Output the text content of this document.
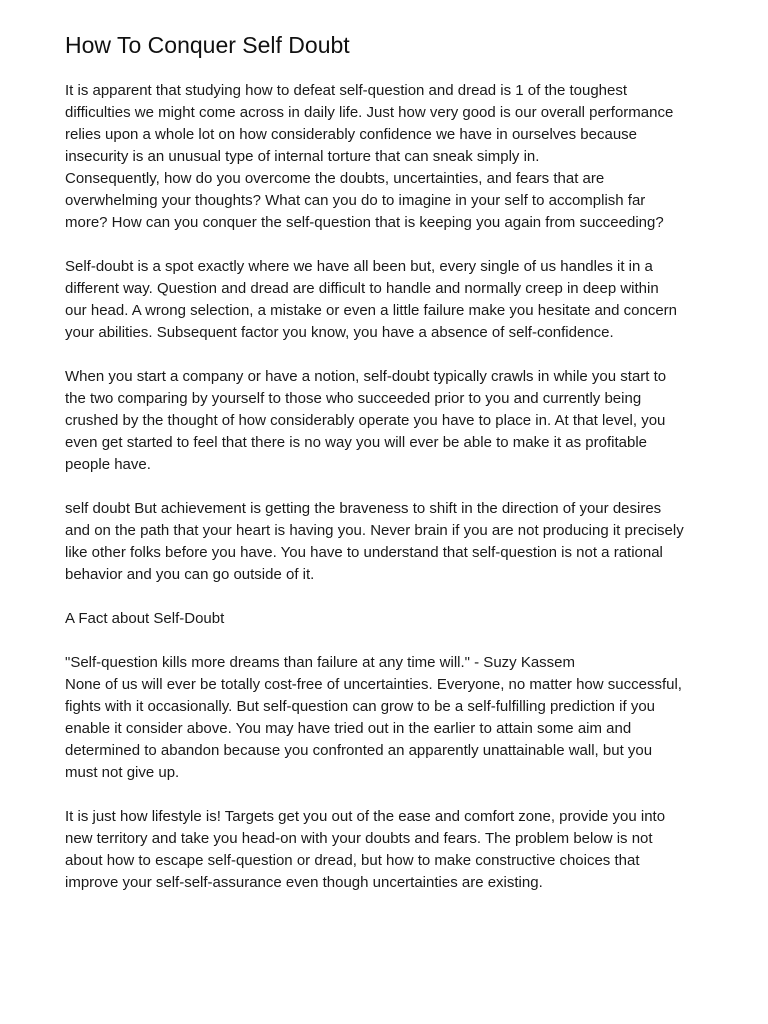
How To Conquer Self Doubt

It is apparent that studying how to defeat self-question and dread is 1 of the toughest
difficulties we might come across in daily life. Just how very good is our overall performance
relies upon a whole lot on how considerably confidence we have in ourselves because
insecurity is an unusual type of internal torture that can sneak simply in.
Consequently, how do you overcome the doubts, uncertainties, and fears that are
overwhelming your thoughts? What can you do to imagine in your self to accomplish far
more? How can you conquer the self-question that is keeping you again from succeeding?

Self-doubt is a spot exactly where we have all been but, every single of us handles it in a
different way. Question and dread are difficult to handle and normally creep in deep within
our head. A wrong selection, a mistake or even a little failure make you hesitate and concern
your abilities. Subsequent factor you know, you have a absence of self-confidence.

When you start a company or have a notion, self-doubt typically crawls in while you start to
the two comparing by yourself to those who succeeded prior to you and currently being
crushed by the thought of how considerably operate you have to place in. At that level, you
even get started to feel that there is no way you will ever be able to make it as profitable
people have.

self doubt But achievement is getting the braveness to shift in the direction of your desires
and on the path that your heart is having you. Never brain if you are not producing it precisely
like other folks before you have. You have to understand that self-question is not a rational
behavior and you can go outside of it.

A Fact about Self-Doubt

"Self-question kills more dreams than failure at any time will." - Suzy Kassem
None of us will ever be totally cost-free of uncertainties. Everyone, no matter how successful,
fights with it occasionally. But self-question can grow to be a self-fulfilling prediction if you
enable it consider above. You may have tried out in the earlier to attain some aim and
determined to abandon because you confronted an apparently unattainable wall, but you
must not give up.

It is just how lifestyle is! Targets get you out of the ease and comfort zone, provide you into
new territory and take you head-on with your doubts and fears. The problem below is not
about how to escape self-question or dread, but how to make constructive choices that
improve your self-self-assurance even though uncertainties are existing.
